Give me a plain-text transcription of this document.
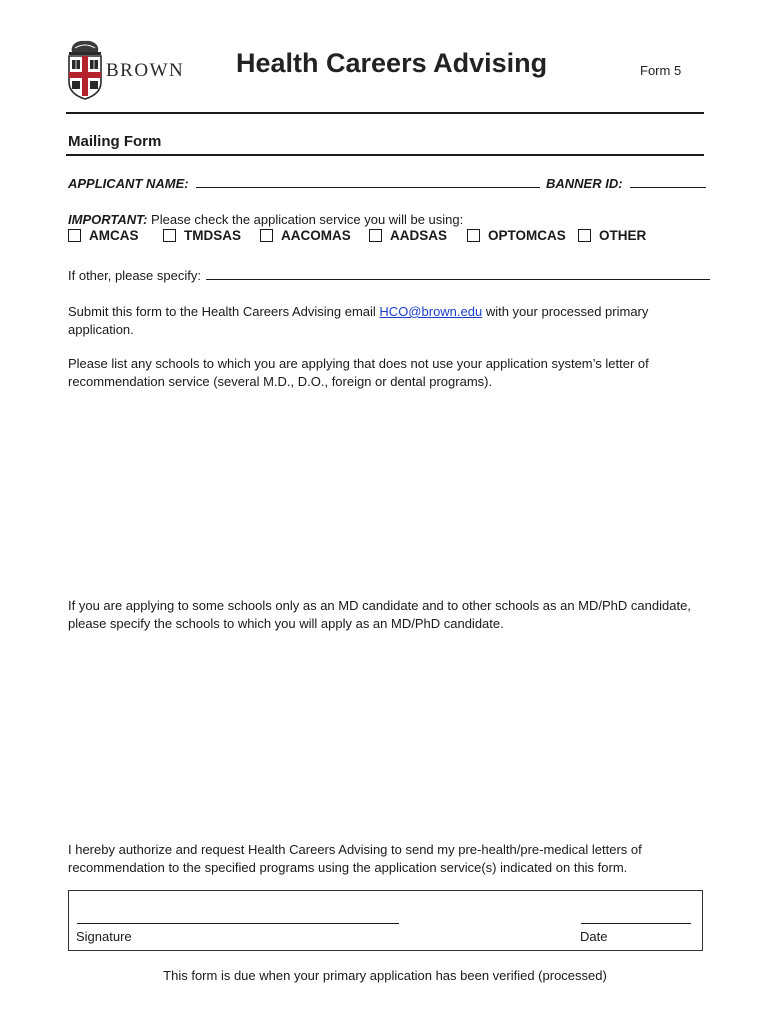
BROWN Health Careers Advising	Form 5
Mailing Form
APPLICANT NAME:	BANNER ID:
IMPORTANT: Please check the application service you will be using:
AMCAS	TMDSAS	AACOMAS	AADSAS	OPTOMCAS OTHER
If other, please specify:

Submit this form to the Health Careers Advising email HCO@brown.edu with your processed primary

application.

Please list any schools to which you are applying that does not use your application system’s letter of

recommendation service (several M.D., D.O., foreign or dental programs).

If you are applying to some schools only as an MD candidate and to other schools as an MD/PhD candidate,

please specify the schools to which you will apply as an MD/PhD candidate.

I hereby authorize and request Health Careers Advising to send my pre-health/pre-medical letters of

recommendation to the specified programs using the application service(s) indicated on this form.

Signature	Date
This form is due when your primary application has been verified (processed)
